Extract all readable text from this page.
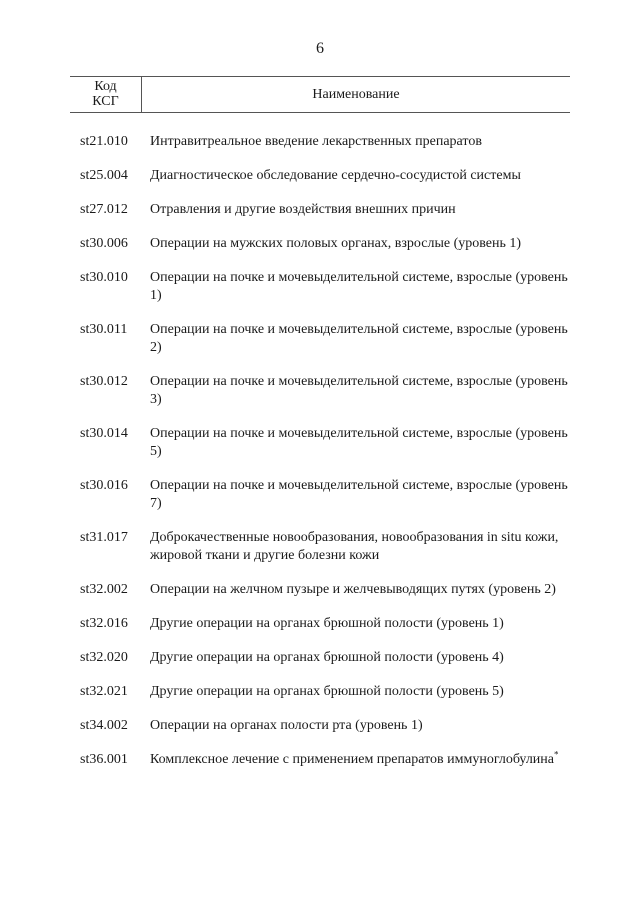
6
Код
КСГ	Наименование
st21.010	Интравитреальное введение лекарственных препаратов
st25.004	Диагностическое обследование сердечно-сосудистой системы
st27.012	Отравления и другие воздействия внешних причин
st30.006	Операции на мужских половых органах, взрослые (уровень 1)
st30.010	Операции на почке и мочевыделительной системе, взрослые (уровень 1)
st30.011	Операции на почке и мочевыделительной системе, взрослые (уровень 2)
st30.012	Операции на почке и мочевыделительной системе, взрослые (уровень 3)
st30.014	Операции на почке и мочевыделительной системе, взрослые (уровень 5)
st30.016	Операции на почке и мочевыделительной системе, взрослые (уровень 7)
st31.017	Доброкачественные новообразования, новообразования in situ кожи, жировой ткани и другие болезни кожи
st32.002	Операции на желчном пузыре и желчевыводящих путях (уровень 2)
st32.016	Другие операции на органах брюшной полости (уровень 1)
st32.020	Другие операции на органах брюшной полости (уровень 4)
st32.021	Другие операции на органах брюшной полости (уровень 5)
st34.002	Операции на органах полости рта (уровень 1)
st36.001	Комплексное лечение с применением препаратов иммуноглобулина*
